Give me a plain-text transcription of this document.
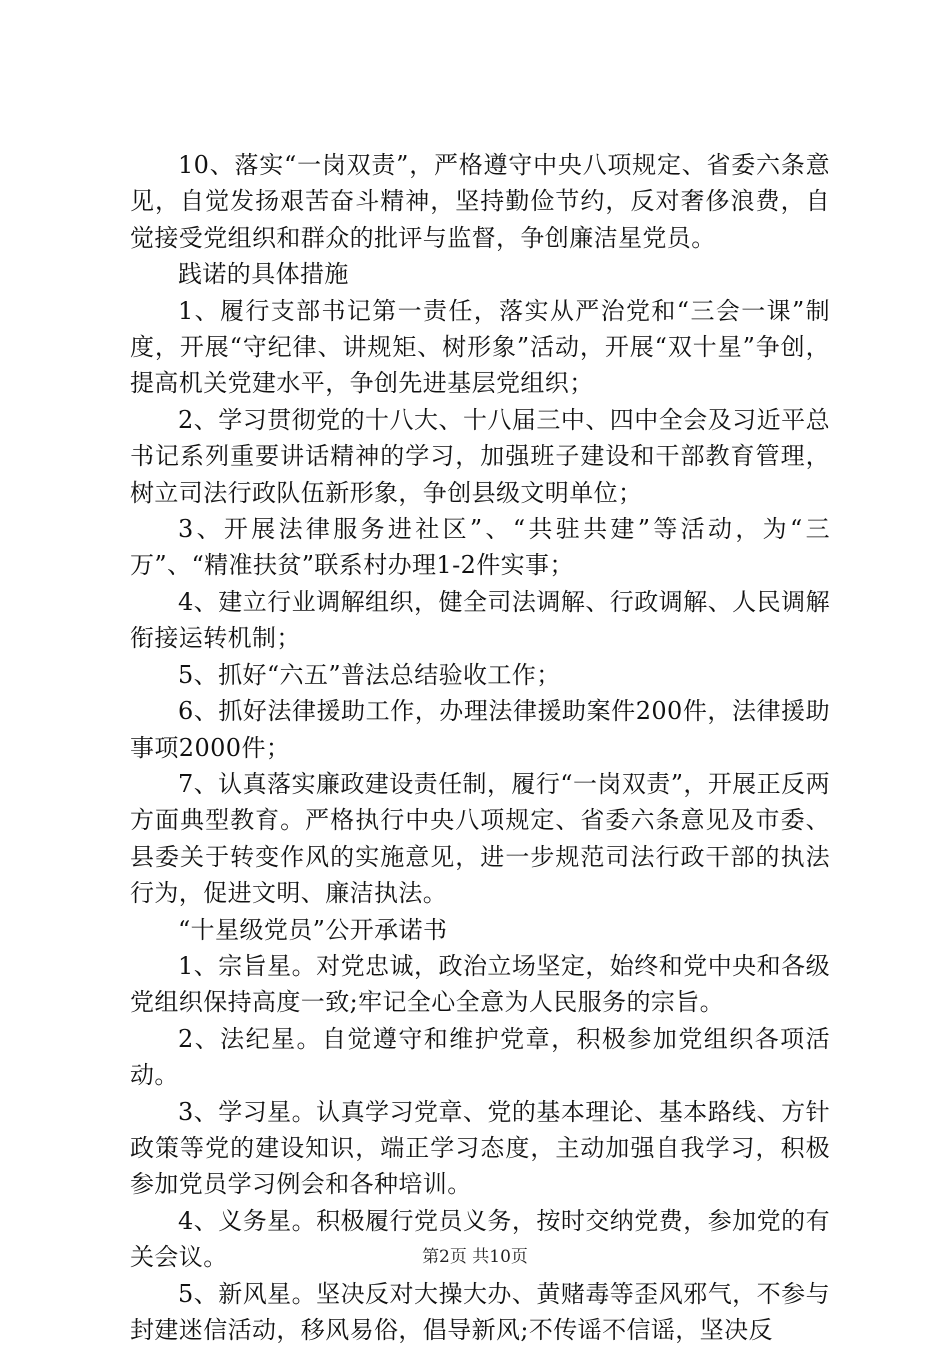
10、落实“一岗双责”，严格遵守中央八项规定、省委六条意见，自觉发扬艰苦奋斗精神，坚持勤俭节约，反对奢侈浪费，自觉接受党组织和群众的批评与监督，争创廉洁星党员。

践诺的具体措施

1、履行支部书记第一责任，落实从严治党和“三会一课”制度，开展“守纪律、讲规矩、树形象”活动，开展“双十星”争创，提高机关党建水平，争创先进基层党组织；

2、学习贯彻党的十八大、十八届三中、四中全会及习近平总书记系列重要讲话精神的学习，加强班子建设和干部教育管理，树立司法行政队伍新形象，争创县级文明单位；

3、开展法律服务进社区”、“共驻共建”等活动，为“三万”、“精准扶贫”联系村办理1-2件实事；

4、建立行业调解组织，健全司法调解、行政调解、人民调解衔接运转机制；

5、抓好“六五”普法总结验收工作；

6、抓好法律援助工作，办理法律援助案件200件，法律援助事项2000件；

7、认真落实廉政建设责任制，履行“一岗双责”，开展正反两方面典型教育。严格执行中央八项规定、省委六条意见及市委、县委关于转变作风的实施意见，进一步规范司法行政干部的执法行为，促进文明、廉洁执法。

“十星级党员”公开承诺书

1、宗旨星。对党忠诚，政治立场坚定，始终和党中央和各级党组织保持高度一致;牢记全心全意为人民服务的宗旨。

2、法纪星。自觉遵守和维护党章，积极参加党组织各项活动。

3、学习星。认真学习党章、党的基本理论、基本路线、方针政策等党的建设知识，端正学习态度，主动加强自我学习，积极参加党员学习例会和各种培训。

4、义务星。积极履行党员义务，按时交纳党费，参加党的有关会议。

5、新风星。坚决反对大操大办、黄赌毒等歪风邪气，不参与封建迷信活动，移风易俗，倡导新风;不传谣不信谣，坚决反

第2页 共10页
